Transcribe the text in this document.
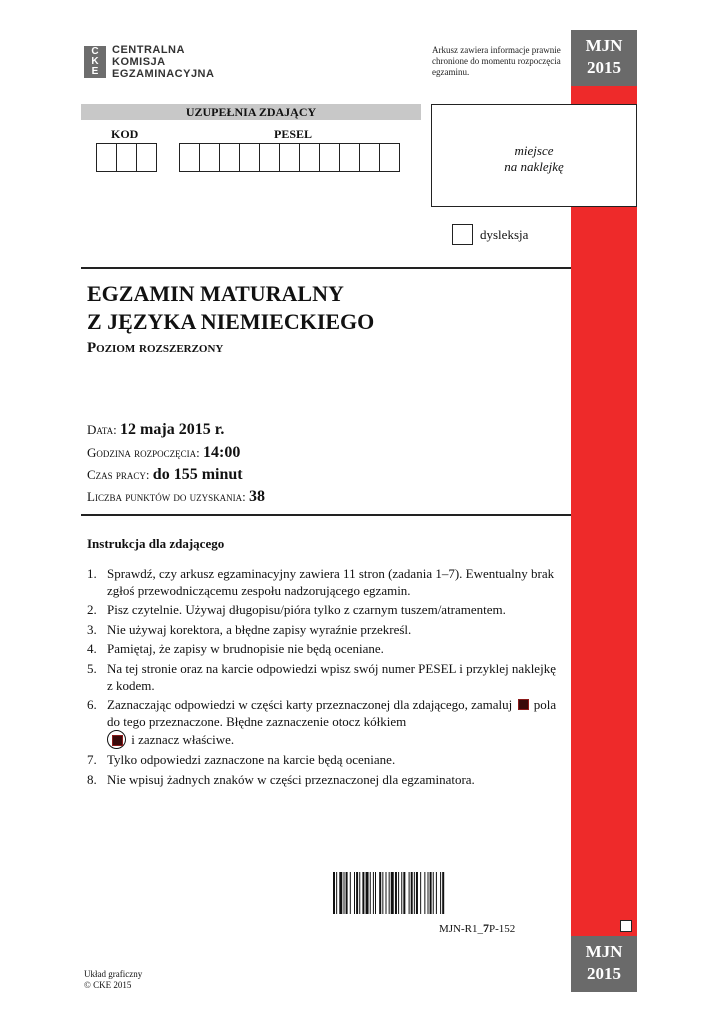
C
K
E
CENTRALNA
KOMISJA
EGZAMINACYJNA
Arkusz zawiera informacje prawnie chronione do momentu rozpoczęcia egzaminu.
MJN
2015
MJN
2015
UZUPEŁNIA ZDAJĄCY
KOD	PESEL
miejsce
na naklejkę
dysleksja
EGZAMIN MATURALNY
Z JĘZYKA NIEMIECKIEGO
Poziom rozszerzony
Data: 12 maja 2015 r.
Godzina rozpoczęcia: 14:00
Czas pracy: do 155 minut
Liczba punktów do uzyskania: 38
Instrukcja dla zdającego
1. Sprawdź, czy arkusz egzaminacyjny zawiera 11 stron (zadania 1–7). Ewentualny brak zgłoś przewodniczącemu zespołu nadzorującego egzamin.
2. Pisz czytelnie. Używaj długopisu/pióra tylko z czarnym tuszem/atramentem.
3. Nie używaj korektora, a błędne zapisy wyraźnie przekreśl.
4. Pamiętaj, że zapisy w brudnopisie nie będą oceniane.
5. Na tej stronie oraz na karcie odpowiedzi wpisz swój numer PESEL i przyklej naklejkę z kodem.
6. Zaznaczając odpowiedzi w części karty przeznaczonej dla zdającego, zamaluj pola do tego przeznaczone. Błędne zaznaczenie otocz kółkiem
i zaznacz właściwe.
7. Tylko odpowiedzi zaznaczone na karcie będą oceniane.
8. Nie wpisuj żadnych znaków w części przeznaczonej dla egzaminatora.
MJN-R1_7P-152
Układ graficzny
© CKE 2015
